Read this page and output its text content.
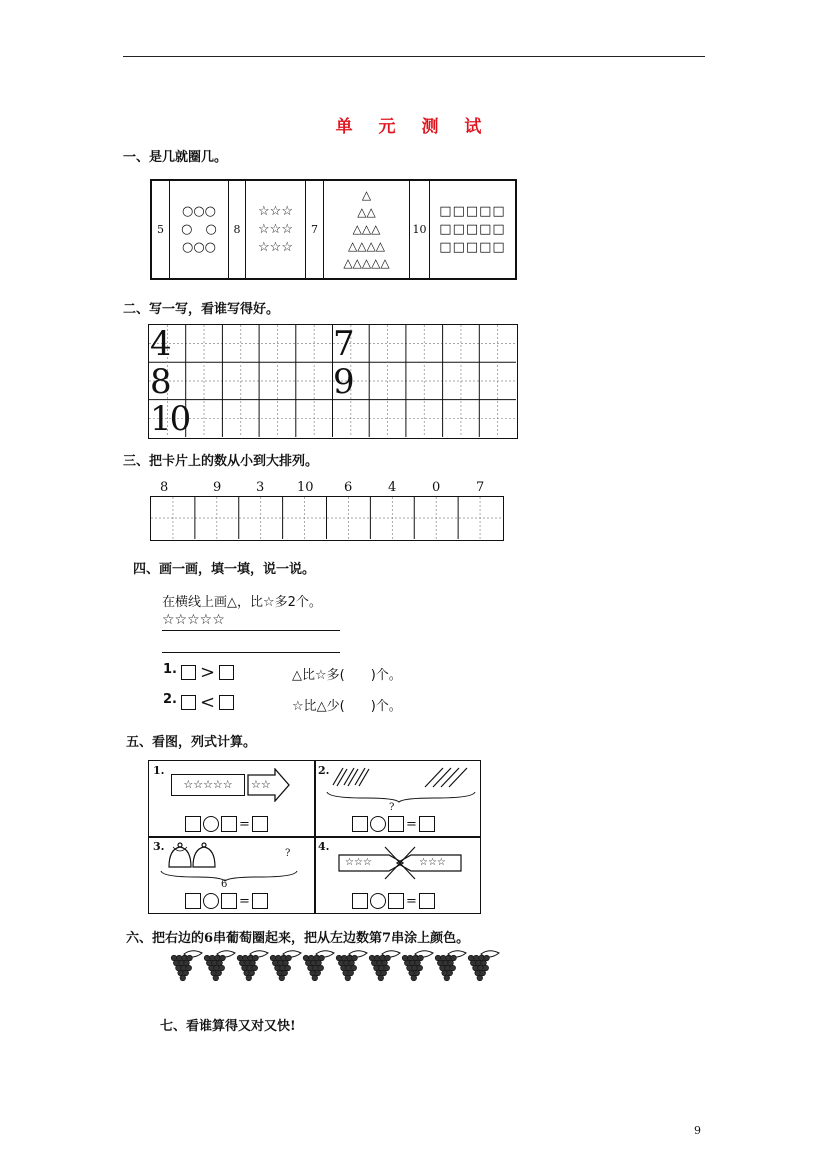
单 元 测 试
一、是几就圈几。
5
○○○
○　○
○○○
8
☆☆☆
☆☆☆
☆☆☆
7
△
△△
△△△
△△△△
△△△△△
10
□□□□□
□□□□□
□□□□□
二、写一写，看谁写得好。
4	7
8	9
10
三、把卡片上的数从小到大排列。
8	9	3	10 6	4	0	7
四、画一画，填一填，说一说。
在横线上画△，比☆多2个。
☆☆☆☆☆
1. >	△比☆多(　　)个。
2. <	☆比△少(　　)个。
五、看图，列式计算。
1.
☆☆☆☆☆	☆☆
=
2.
?
=
3.
?
6
=
4.
☆☆☆	☆☆☆
=
六、把右边的6串葡萄圈起来，把从左边数第7串涂上颜色。
七、看谁算得又对又快!
9
